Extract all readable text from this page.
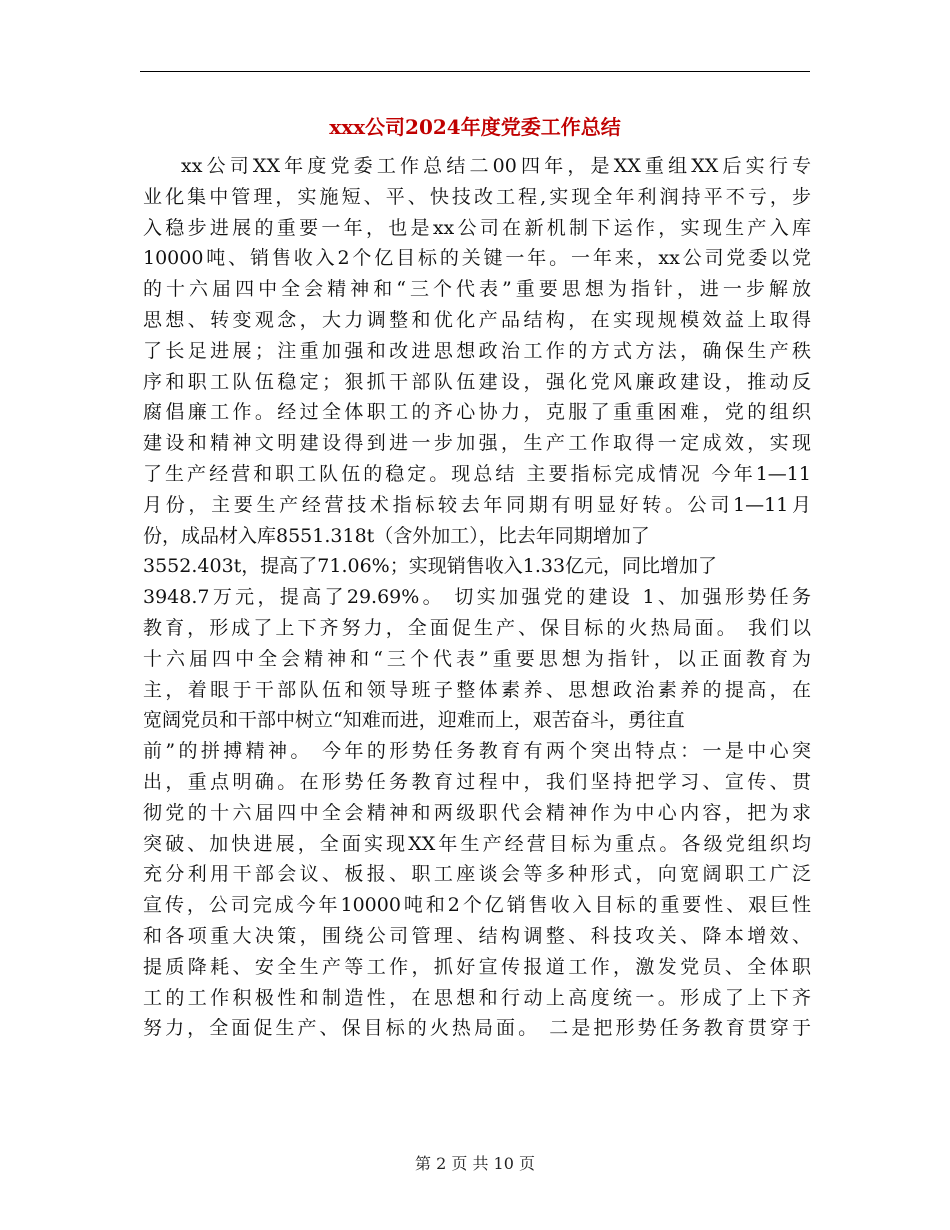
xxx公司2024年度党委工作总结
xx公司XX年度党委工作总结二00四年，是XX重组XX后实行专
业化集中管理，实施短、平、快技改工程,实现全年利润持平不亏，步
入稳步进展的重要一年，也是xx公司在新机制下运作，实现生产入库
10000吨、销售收入2个亿目标的关键一年。一年来，xx公司党委以党
的十六届四中全会精神和“三个代表”重要思想为指针，进一步解放
思想、转变观念，大力调整和优化产品结构，在实现规模效益上取得
了长足进展；注重加强和改进思想政治工作的方式方法，确保生产秩
序和职工队伍稳定；狠抓干部队伍建设，强化党风廉政建设，推动反
腐倡廉工作。经过全体职工的齐心协力，克服了重重困难，党的组织
建设和精神文明建设得到进一步加强，生产工作取得一定成效，实现
了生产经营和职工队伍的稳定。现总结 主要指标完成情况 今年1—11
月份，主要生产经营技术指标较去年同期有明显好转。公司1—11月
份，成品材入库8551.318t（含外加工），比去年同期增加了
3552.403t，提高了71.06%；实现销售收入1.33亿元，同比增加了
3948.7万元，提高了29.69%。 切实加强党的建设 1、加强形势任务
教育，形成了上下齐努力，全面促生产、保目标的火热局面。 我们以
十六届四中全会精神和“三个代表”重要思想为指针，以正面教育为
主，着眼于干部队伍和领导班子整体素养、思想政治素养的提高，在
宽阔党员和干部中树立“知难而进，迎难而上，艰苦奋斗，勇往直
前”的拼搏精神。 今年的形势任务教育有两个突出特点：一是中心突
出，重点明确。在形势任务教育过程中，我们坚持把学习、宣传、贯
彻党的十六届四中全会精神和两级职代会精神作为中心内容，把为求
突破、加快进展，全面实现XX年生产经营目标为重点。各级党组织均
充分利用干部会议、板报、职工座谈会等多种形式，向宽阔职工广泛
宣传，公司完成今年10000吨和2个亿销售收入目标的重要性、艰巨性
和各项重大决策，围绕公司管理、结构调整、科技攻关、降本增效、
提质降耗、安全生产等工作，抓好宣传报道工作，激发党员、全体职
工的工作积极性和制造性，在思想和行动上高度统一。形成了上下齐
努力，全面促生产、保目标的火热局面。 二是把形势任务教育贯穿于
第 2 页 共 10 页
